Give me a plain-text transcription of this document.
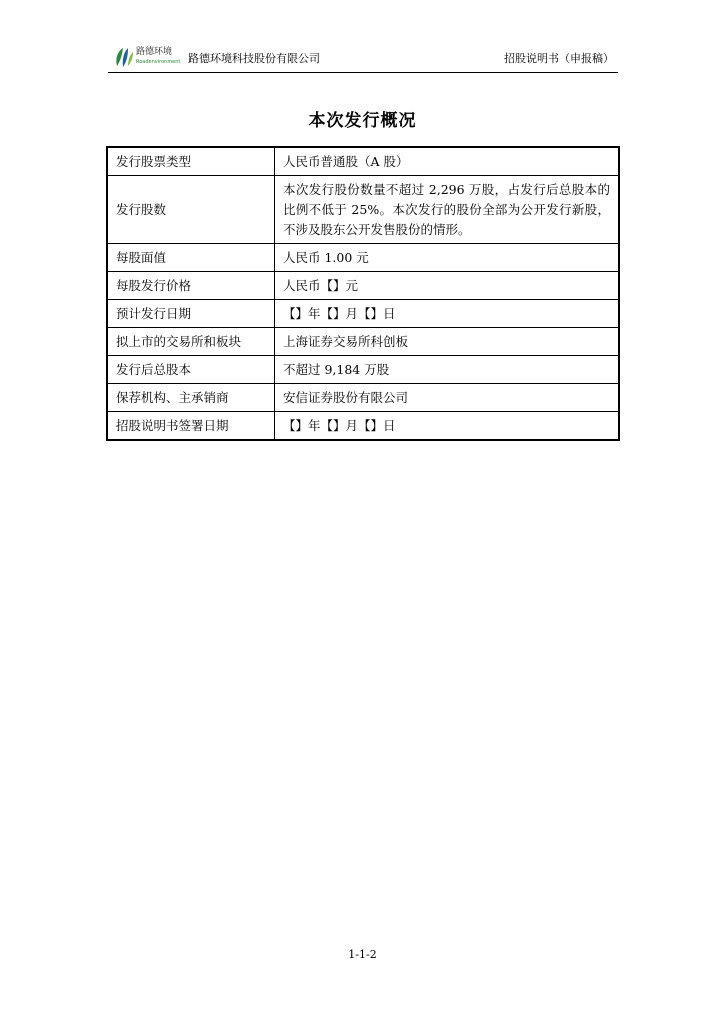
路德环境
Roadenvironment 路德环境科技股份有限公司	招股说明书（申报稿）
本次发行概况
发行股票类型	人民币普通股（A 股）
发行股数	本次发行股份数量不超过 2,296 万股，占发行后总股本的比例不低于 25%。本次发行的股份全部为公开发行新股，不涉及股东公开发售股份的情形。
每股面值	人民币 1.00 元
每股发行价格	人民币【】元
预计发行日期	【】年【】月【】日
拟上市的交易所和板块	上海证券交易所科创板
发行后总股本	不超过 9,184 万股
保荐机构、主承销商	安信证券股份有限公司
招股说明书签署日期	【】年【】月【】日
1-1-2
